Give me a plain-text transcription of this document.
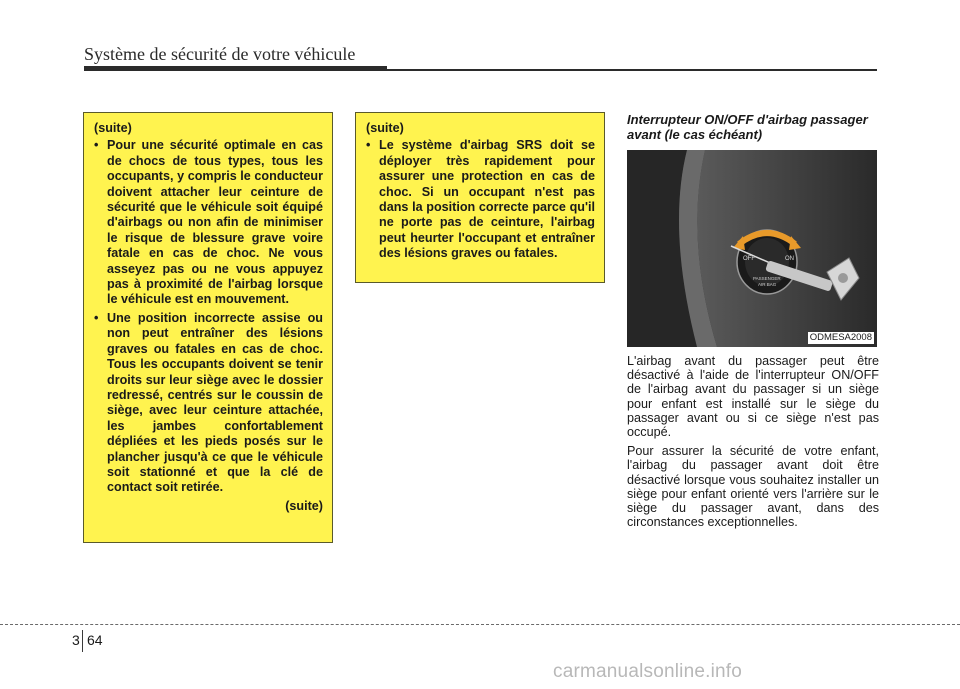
Système de sécurité de votre véhicule
(suite)
• Pour une sécurité optimale en cas de chocs de tous types, tous les occupants, y compris le conducteur doivent attacher leur ceinture de sécurité que le véhicule soit équipé d'airbags ou non afin de minimiser le risque de blessure grave voire fatale en cas de choc. Ne vous asseyez pas ou ne vous appuyez pas à proximité de l'airbag lorsque le véhicule est en mouvement.
• Une position incorrecte assise ou non peut entraîner des lésions graves ou fatales en cas de choc. Tous les occupants doivent se tenir droits sur leur siège avec le dossier redressé, centrés sur le coussin de siège, avec leur ceinture attachée, les jambes confortablement dépliées et les pieds posés sur le plancher jusqu'à ce que le véhicule soit stationné et que la clé de contact soit retirée.
(suite)
(suite)
• Le système d'airbag SRS doit se déployer très rapidement pour assurer une protection en cas de choc. Si un occupant n'est pas dans la position correcte parce qu'il ne porte pas de ceinture, l'airbag peut heurter l'occupant et entraîner des lésions graves ou fatales.
Interrupteur ON/OFF d'airbag passager avant (le cas échéant)
OFF	ON
PASSENGER
AIR BAG
ODMESA2008

L'airbag avant du passager peut être désactivé à l'aide de l'interrupteur ON/OFF de l'airbag avant du passager si un siège pour enfant est installé sur le siège du passager avant ou si ce siège n'est pas occupé.

Pour assurer la sécurité de votre enfant, l'airbag du passager avant doit être désactivé lorsque vous souhaitez installer un siège pour enfant orienté vers l'arrière sur le siège du passager avant, dans des circonstances exceptionnelles.

3 64
carmanualsonline.info
